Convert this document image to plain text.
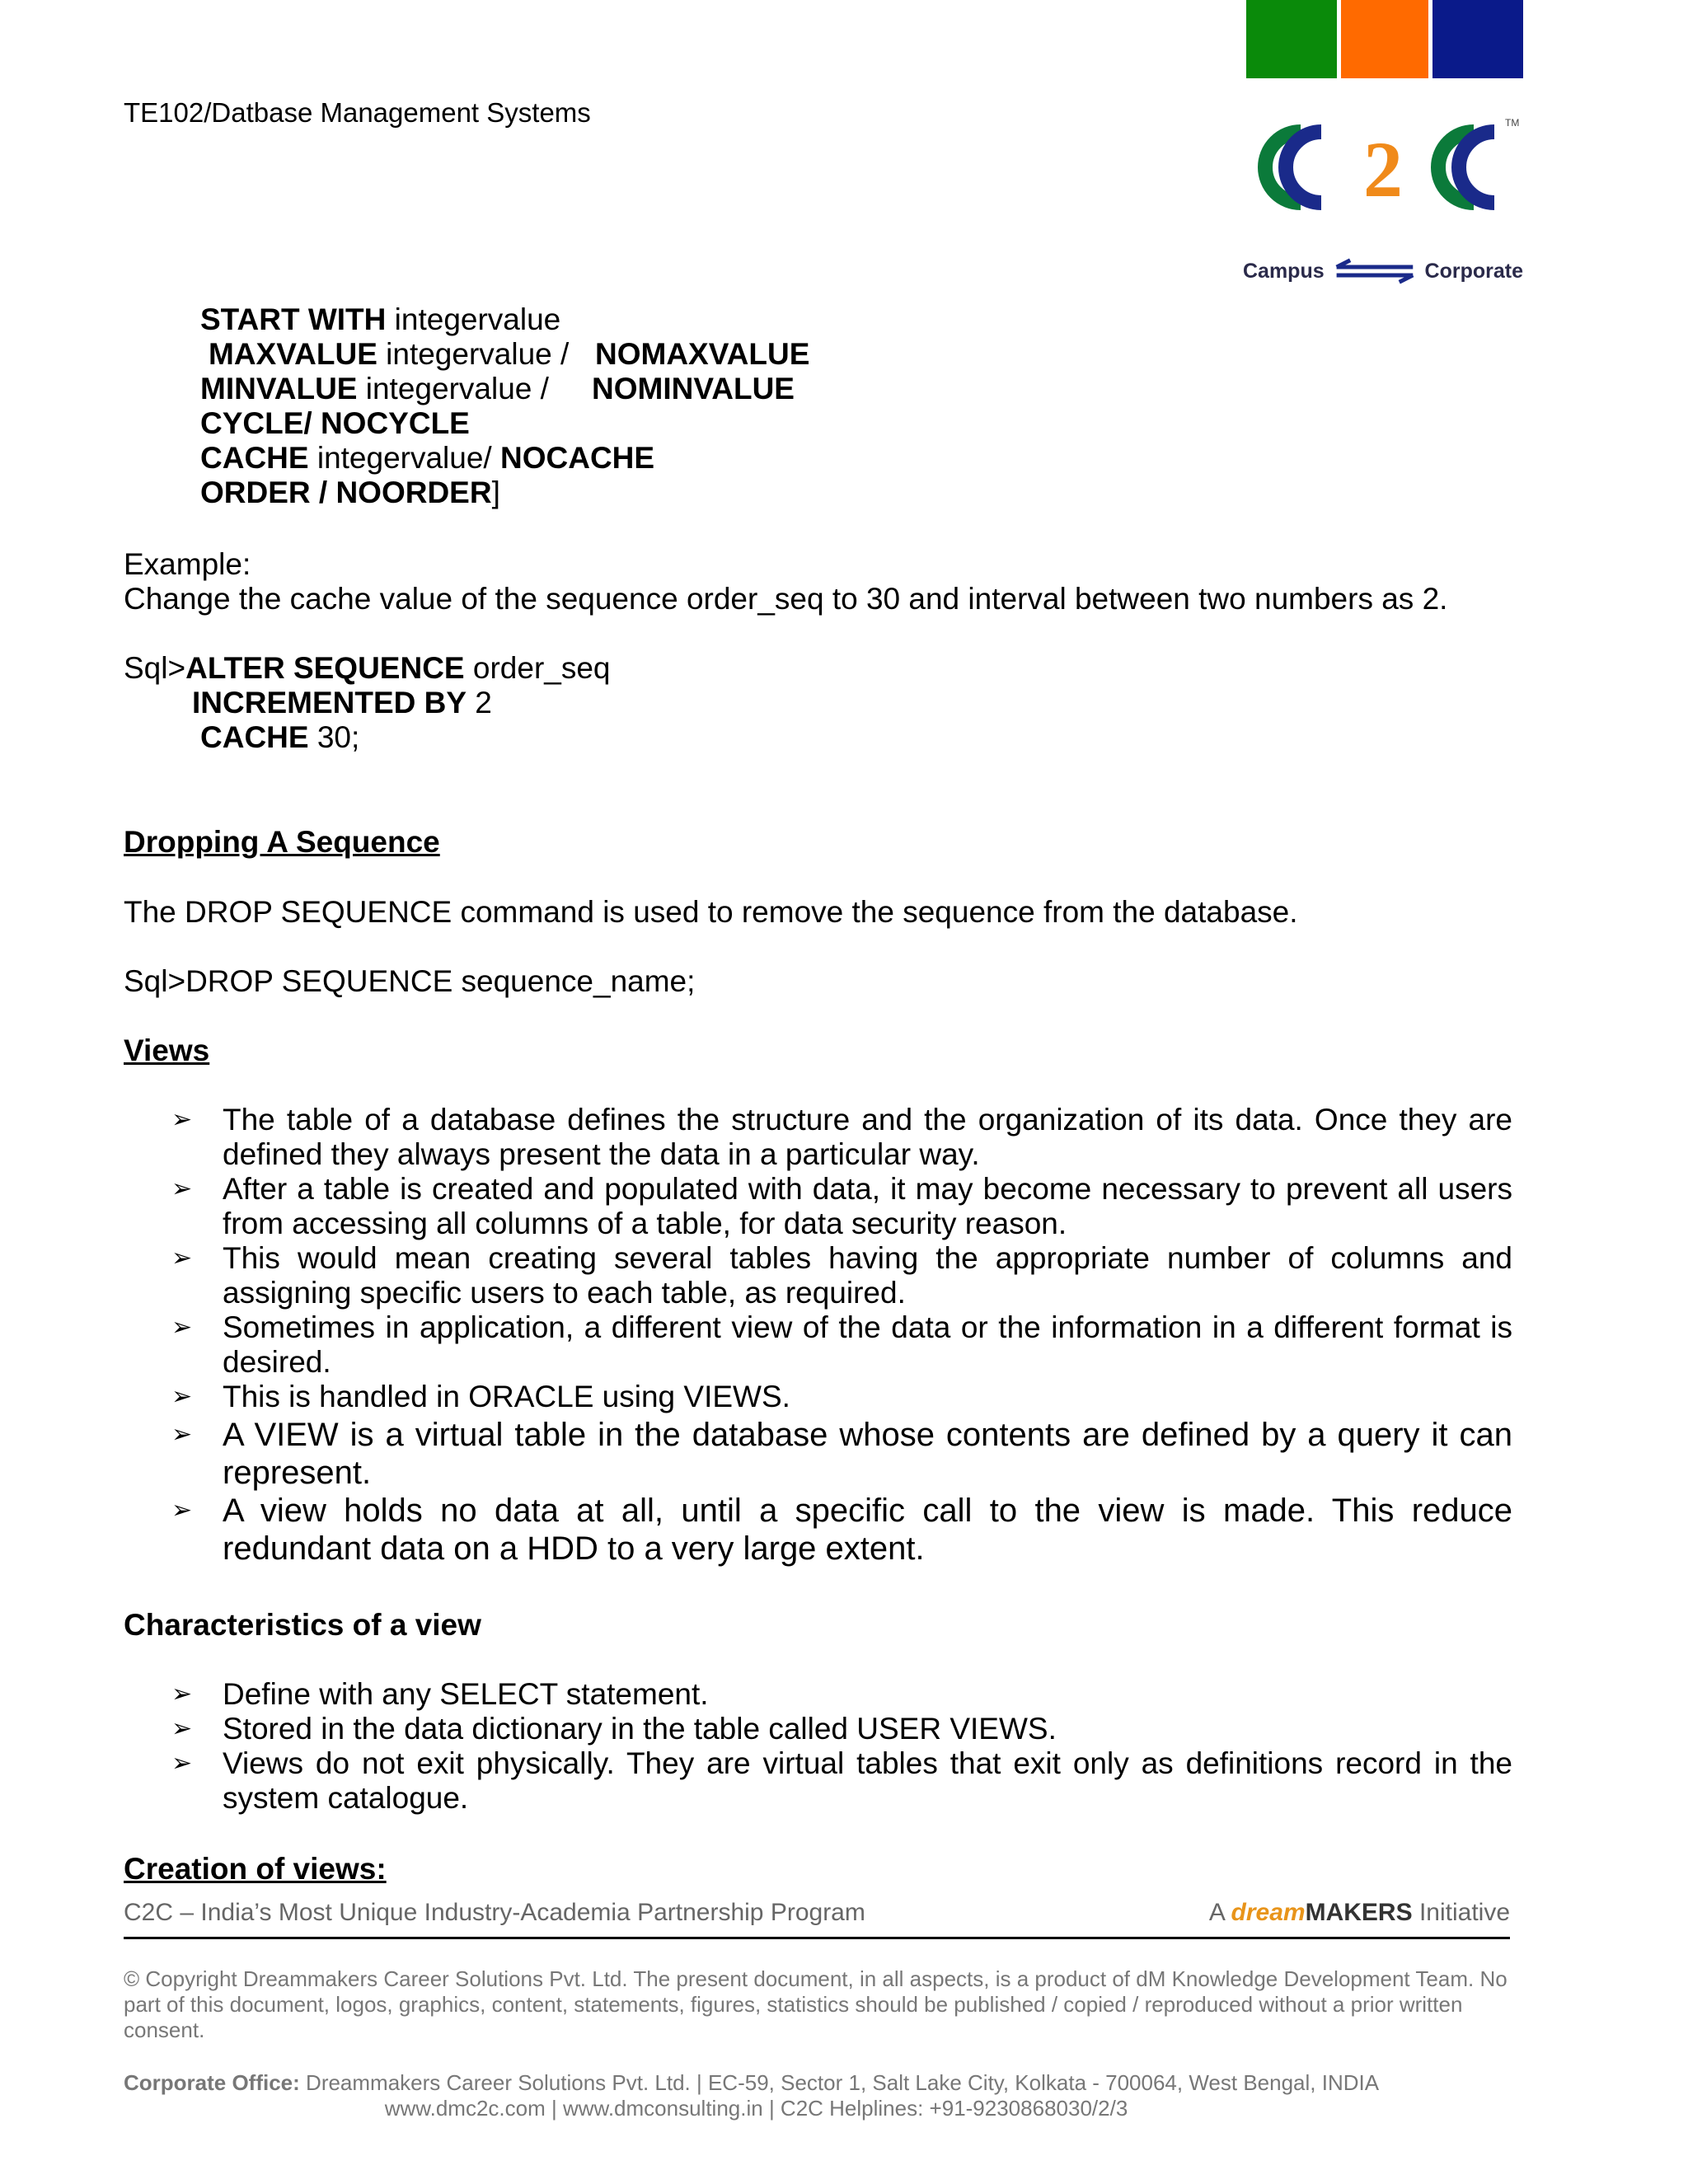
TE102/Datbase Management Systems
2
TM
Campus	Corporate
START WITH integervalue
MAXVALUE integervalue / NOMAXVALUE
MINVALUE integervalue / NOMINVALUE
CYCLE/ NOCYCLE
CACHE integervalue/ NOCACHE
ORDER / NOORDER]
Example:
Change the cache value of the sequence order_seq to 30 and interval between two numbers as 2.
Sql>ALTER SEQUENCE order_seq
INCREMENTED BY 2
CACHE 30;
Dropping A Sequence
The DROP SEQUENCE command is used to remove the sequence from the database.
Sql>DROP SEQUENCE sequence_name;
Views
➢ The table of a database defines the structure and the organization of its data. Once they are defined they always present the data in a particular way.
➢ After a table is created and populated with data, it may become necessary to prevent all users from accessing all columns of a table, for data security reason.
➢ This would mean creating several tables having the appropriate number of columns and assigning specific users to each table, as required.
➢ Sometimes in application, a different view of the data or the information in a different format is desired.
➢ This is handled in ORACLE using VIEWS.
➢ A VIEW is a virtual table in the database whose contents are defined by a query it can represent.
➢ A view holds no data at all, until a specific call to the view is made. This reduce redundant data on a HDD to a very large extent.
Characteristics of a view
➢ Define with any SELECT statement.
➢ Stored in the data dictionary in the table called USER VIEWS.
➢ Views do not exit physically. They are virtual tables that exit only as definitions record in the system catalogue.
Creation of views:
C2C – India’s Most Unique Industry-Academia Partnership Program	A dreamMAKERS Initiative
© Copyright Dreammakers Career Solutions Pvt. Ltd. The present document, in all aspects, is a product of dM Knowledge Development Team. No part of this document, logos, graphics, content, statements, figures, statistics should be published / copied / reproduced without a prior written consent.
Corporate Office: Dreammakers Career Solutions Pvt. Ltd. | EC-59, Sector 1, Salt Lake City, Kolkata - 700064, West Bengal, INDIA
www.dmc2c.com | www.dmconsulting.in | C2C Helplines: +91-9230868030/2/3
